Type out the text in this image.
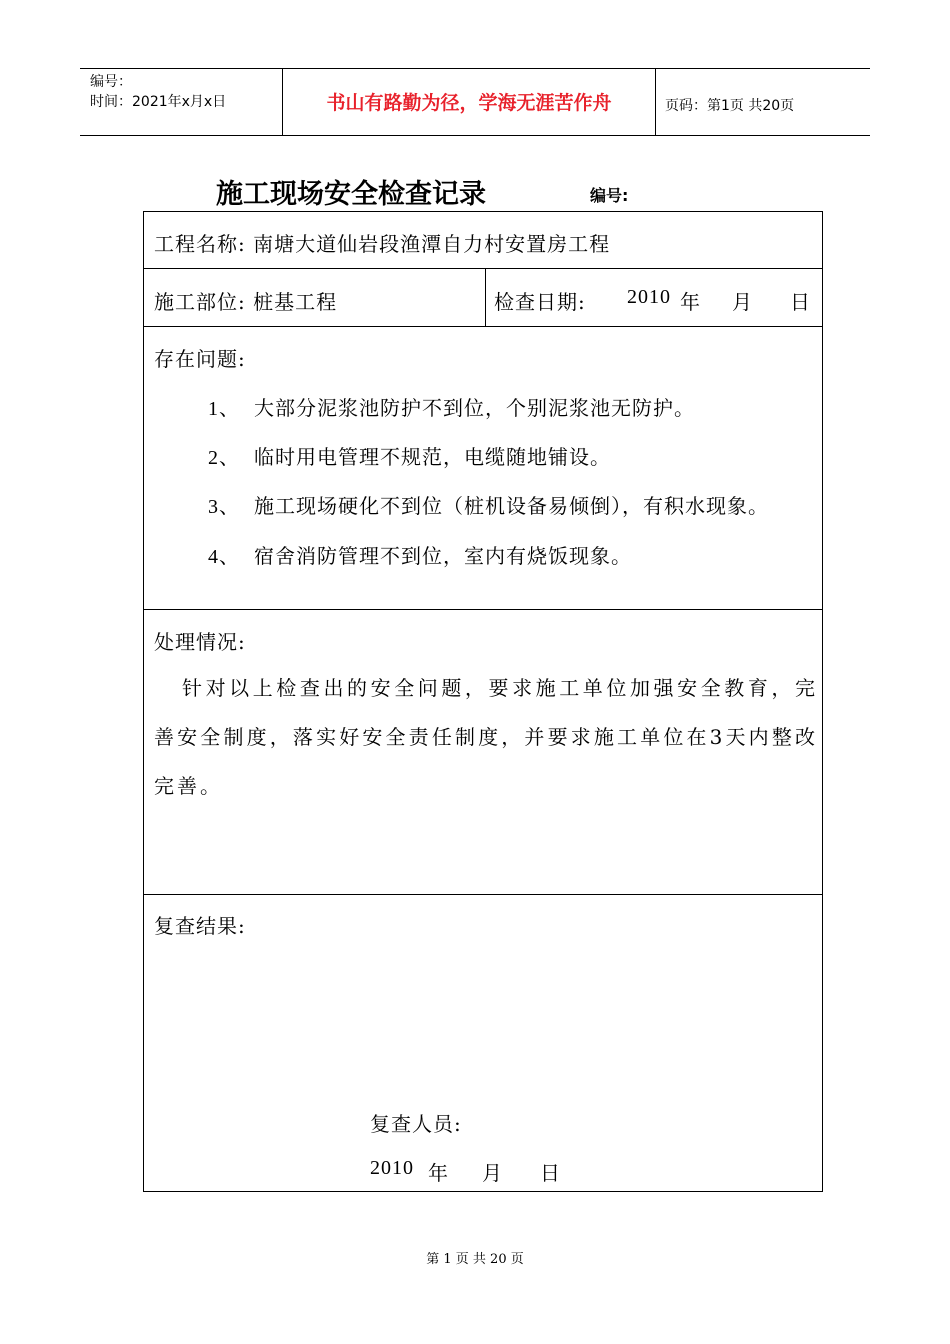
编号：
时间：2021年x月x日	书山有路勤为径，学海无涯苦作舟	页码：第1页 共20页
施工现场安全检查记录	编号:
工程名称: 南塘大道仙岩段渔潭自力村安置房工程
施工部位: 桩基工程	检查日期: 2010 年 月 日
存在问题:
1、 大部分泥浆池防护不到位，个别泥浆池无防护。
2、 临时用电管理不规范，电缆随地铺设。
3、 施工现场硬化不到位（桩机设备易倾倒），有积水现象。
4、 宿舍消防管理不到位，室内有烧饭现象。
处理情况:
针对以上检查出的安全问题，要求施工单位加强安全教育，完善安全制度，落实好安全责任制度，并要求施工单位在3天内整改完善。
复查结果:
复查人员:
2010 年 月 日
第 1 页 共 20 页
